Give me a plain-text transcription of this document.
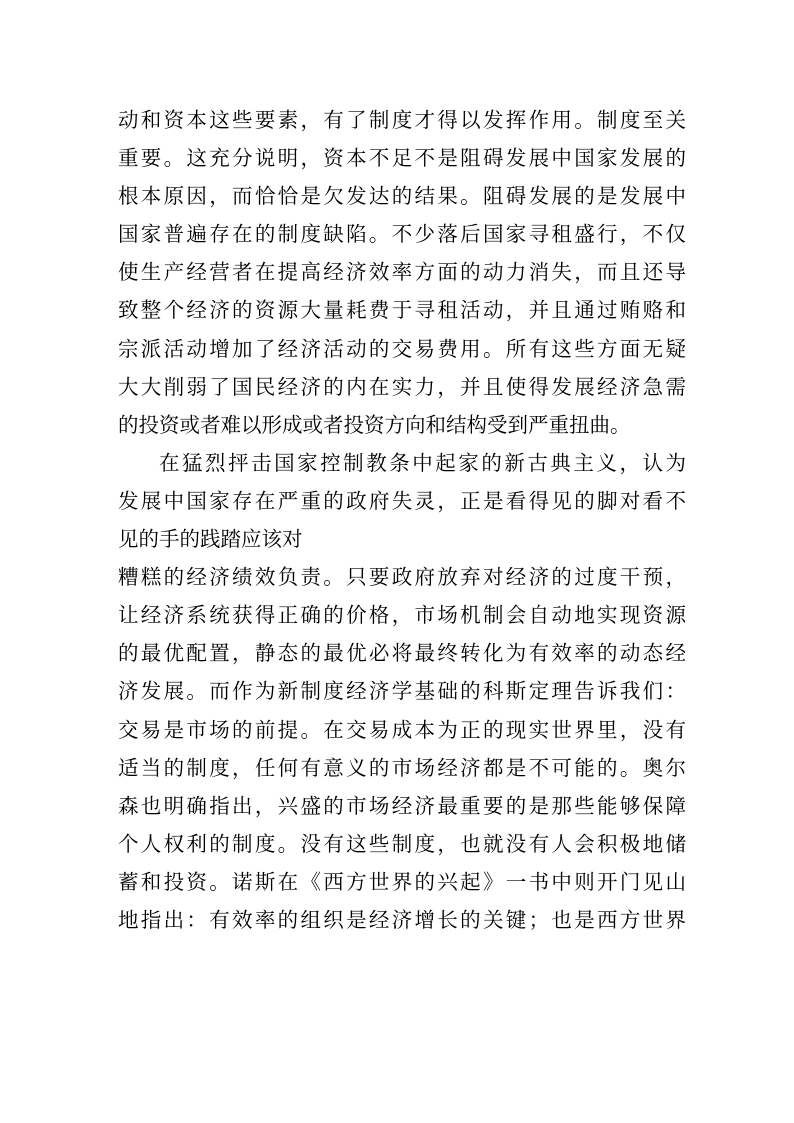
动和资本这些要素，有了制度才得以发挥作用。制度至关
重要。这充分说明，资本不足不是阻碍发展中国家发展的
根本原因，而恰恰是欠发达的结果。阻碍发展的是发展中
国家普遍存在的制度缺陷。不少落后国家寻租盛行，不仅
使生产经营者在提高经济效率方面的动力消失，而且还导
致整个经济的资源大量耗费于寻租活动，并且通过贿赂和
宗派活动增加了经济活动的交易费用。所有这些方面无疑
大大削弱了国民经济的内在实力，并且使得发展经济急需
的投资或者难以形成或者投资方向和结构受到严重扭曲。
在猛烈抨击国家控制教条中起家的新古典主义，认为
发展中国家存在严重的政府失灵，正是看得见的脚对看不
见的手的践踏应该对
糟糕的经济绩效负责。只要政府放弃对经济的过度干预，
让经济系统获得正确的价格，市场机制会自动地实现资源
的最优配置，静态的最优必将最终转化为有效率的动态经
济发展。而作为新制度经济学基础的科斯定理告诉我们：
交易是市场的前提。在交易成本为正的现实世界里，没有
适当的制度，任何有意义的市场经济都是不可能的。奥尔
森也明确指出，兴盛的市场经济最重要的是那些能够保障
个人权利的制度。没有这些制度，也就没有人会积极地储
蓄和投资。诺斯在《西方世界的兴起》一书中则开门见山
地指出：有效率的组织是经济增长的关键；也是西方世界
